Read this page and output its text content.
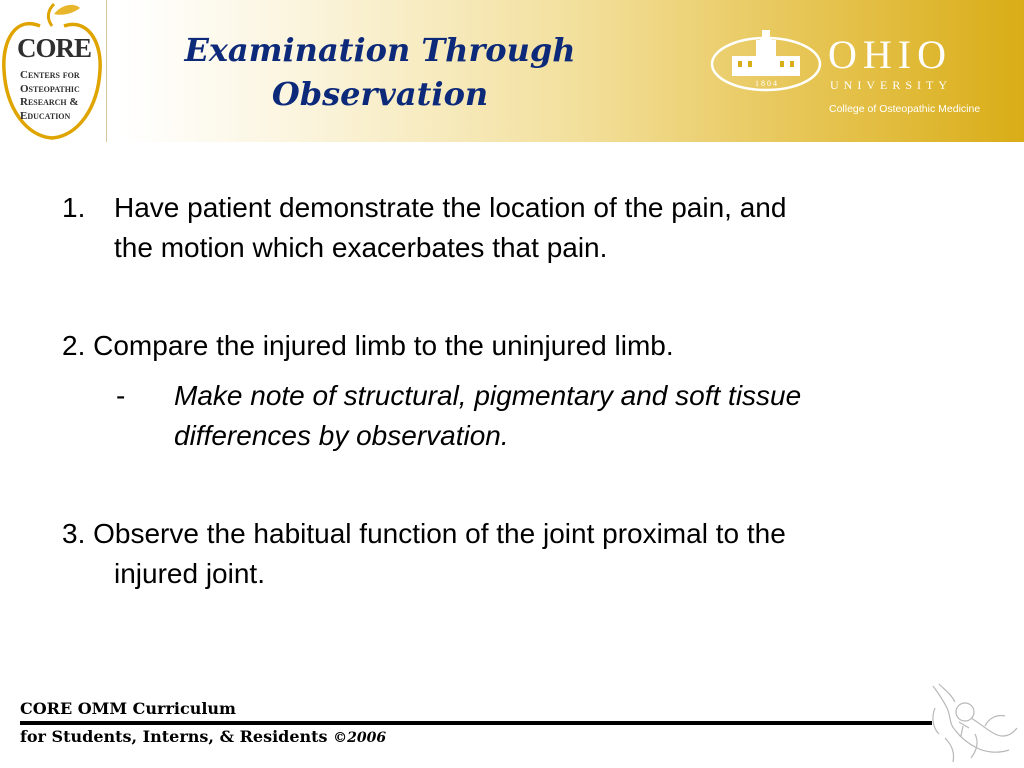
CORE
Centers for
Osteopathic
Research &
Education
Examination Through
Observation	1 8 0 4
OHIO
UNIVERSITY
College of Osteopathic Medicine
1. Have patient demonstrate the location of the pain, and
the motion which exacerbates that pain.
2. Compare the injured limb to the uninjured limb.
- Make note of structural, pigmentary and soft tissue
differences by observation.
3. Observe the habitual function of the joint proximal to the
injured joint.
CORE OMM Curriculum
for Students, Interns, & Residents ©2006
